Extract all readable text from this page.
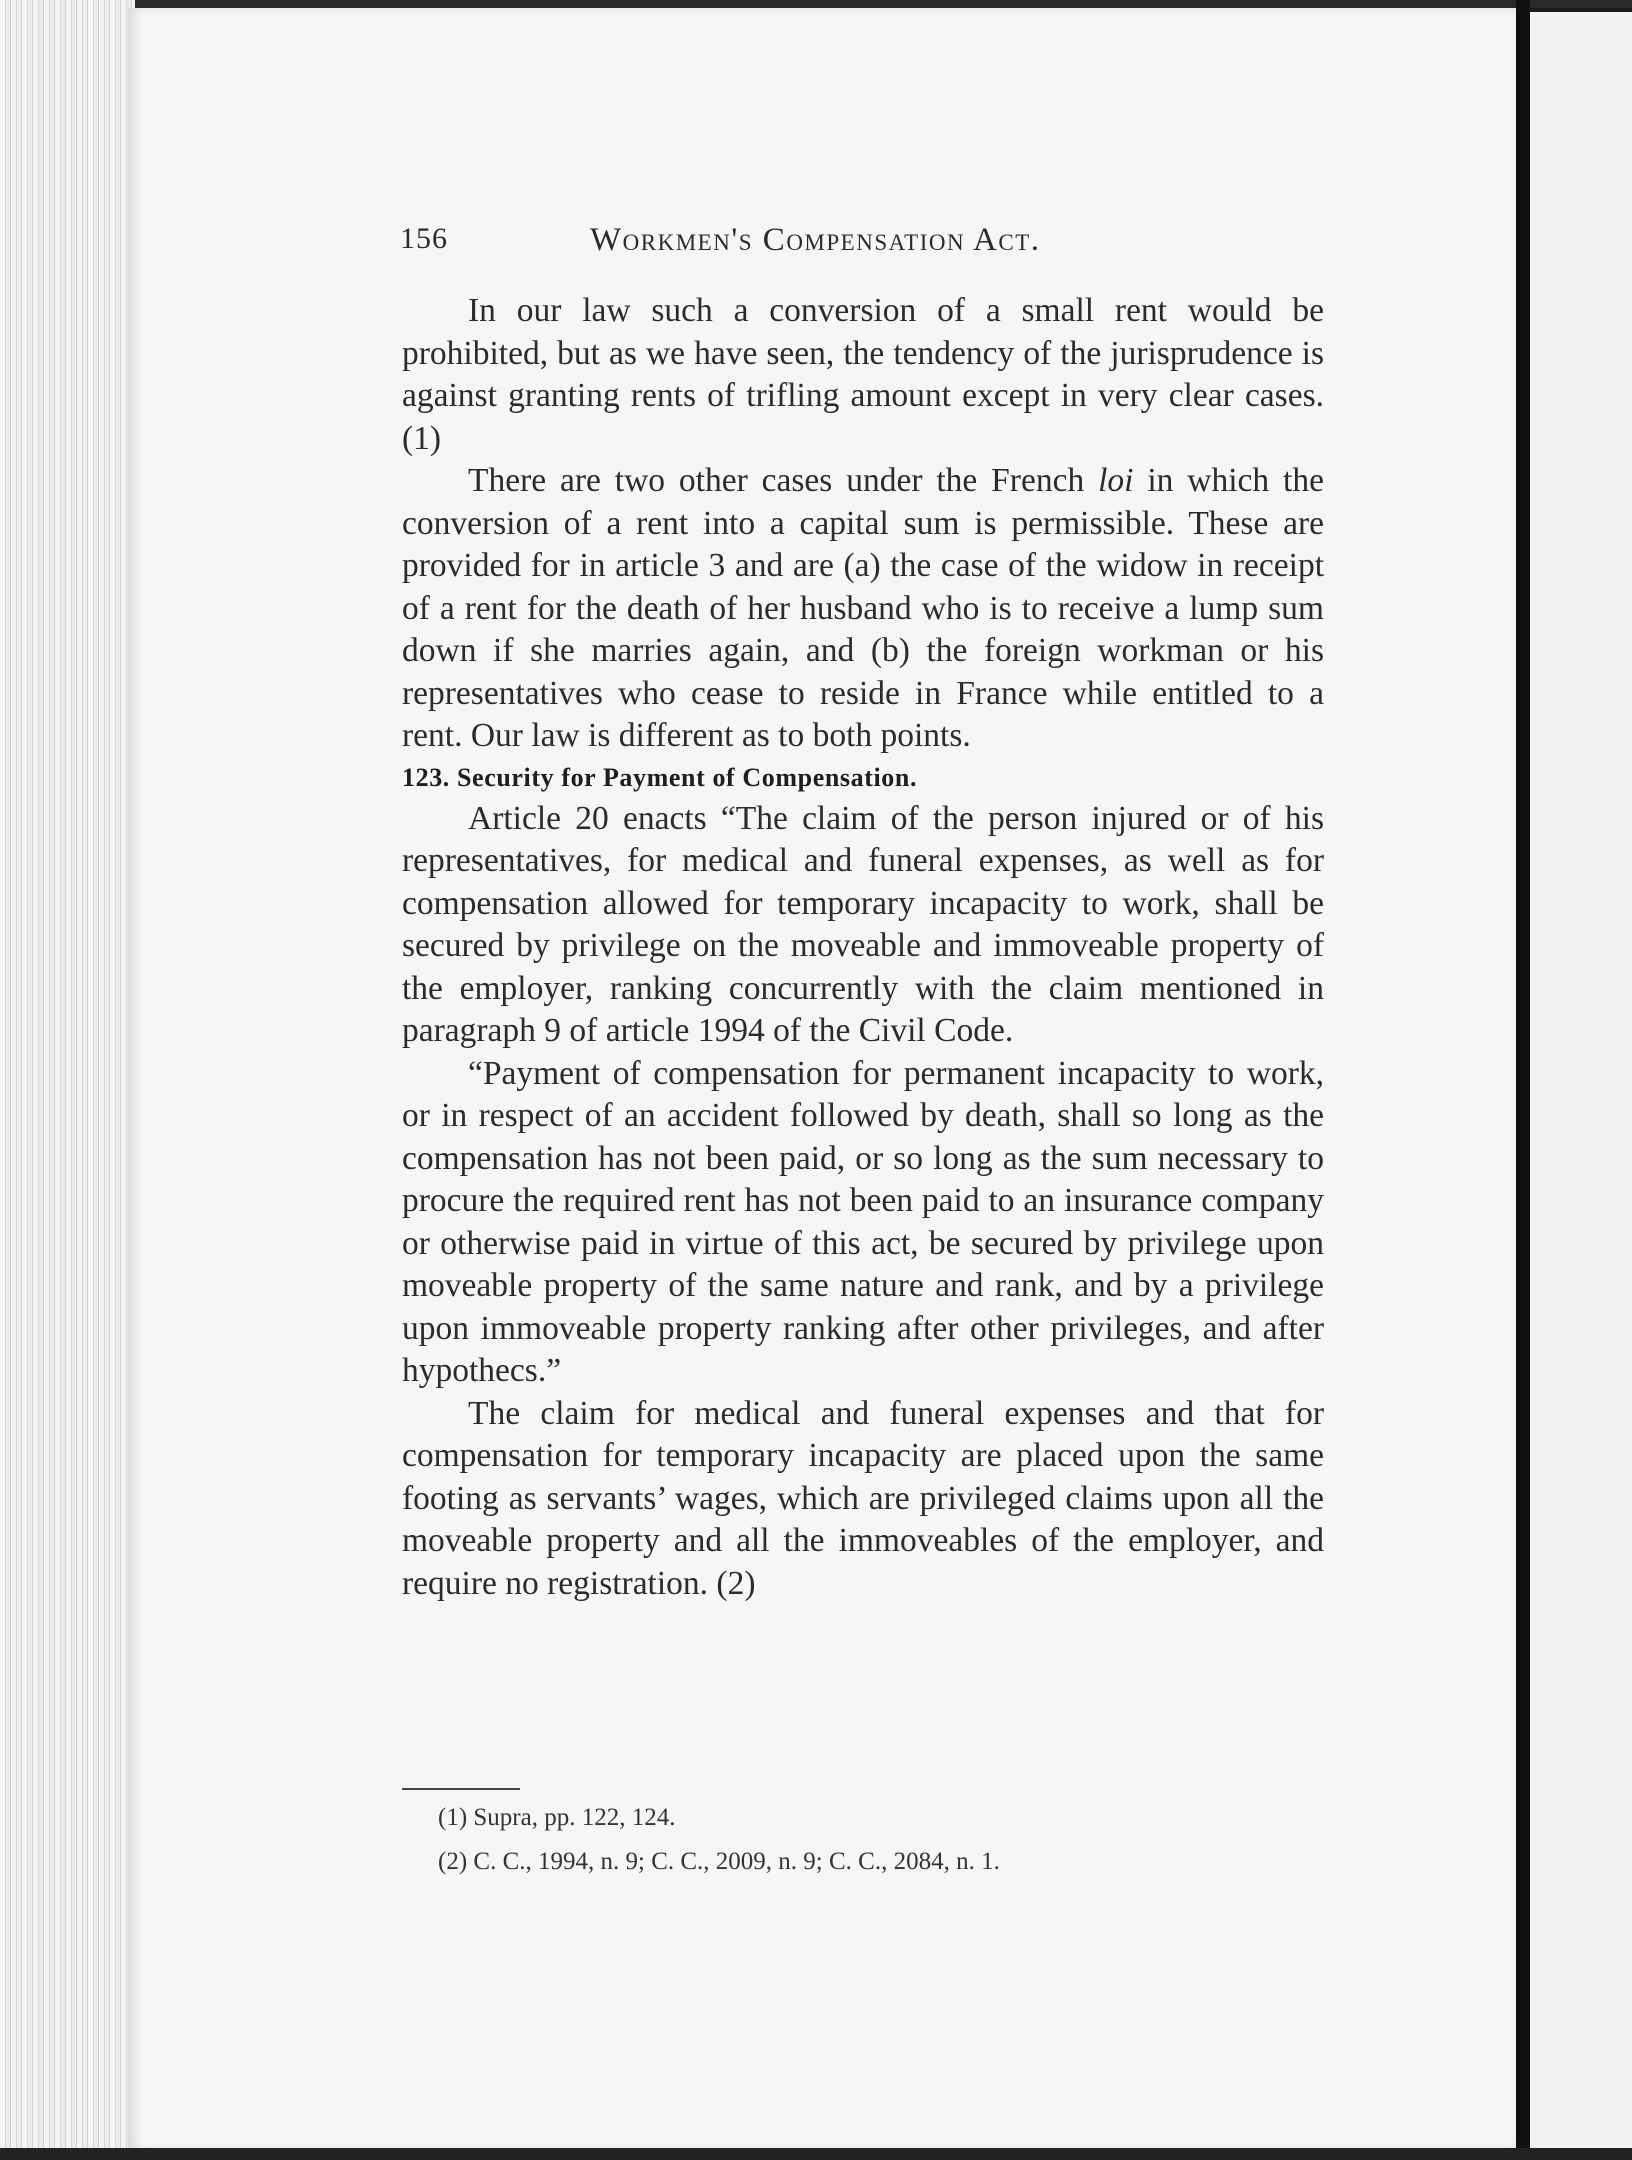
156	Workmen's Compensation Act.

In our law such a conversion of a small rent would be prohibited, but as we have seen, the tendency of the jurisprudence is against granting rents of trifling amount except in very clear cases. (1)

There are two other cases under the French loi in which the conversion of a rent into a capital sum is permissible. These are provided for in article 3 and are (a) the case of the widow in receipt of a rent for the death of her husband who is to receive a lump sum down if she marries again, and (b) the foreign workman or his representatives who cease to reside in France while entitled to a rent. Our law is different as to both points.

123. Security for Payment of Compensation.

Article 20 enacts “The claim of the person injured or of his representatives, for medical and funeral expenses, as well as for compensation allowed for temporary incapacity to work, shall be secured by privilege on the moveable and immoveable property of the employer, ranking concurrently with the claim mentioned in paragraph 9 of article 1994 of the Civil Code.

“Payment of compensation for permanent incapacity to work, or in respect of an accident followed by death, shall so long as the compensation has not been paid, or so long as the sum necessary to procure the required rent has not been paid to an insurance company or otherwise paid in virtue of this act, be secured by privilege upon moveable property of the same nature and rank, and by a privilege upon immoveable property ranking after other privileges, and after hypothecs.”

The claim for medical and funeral expenses and that for compensation for temporary incapacity are placed upon the same footing as servants’ wages, which are privileged claims upon all the moveable property and all the immoveables of the employer, and require no registration. (2)

(1) Supra, pp. 122, 124.

(2) C. C., 1994, n. 9; C. C., 2009, n. 9; C. C., 2084, n. 1.
